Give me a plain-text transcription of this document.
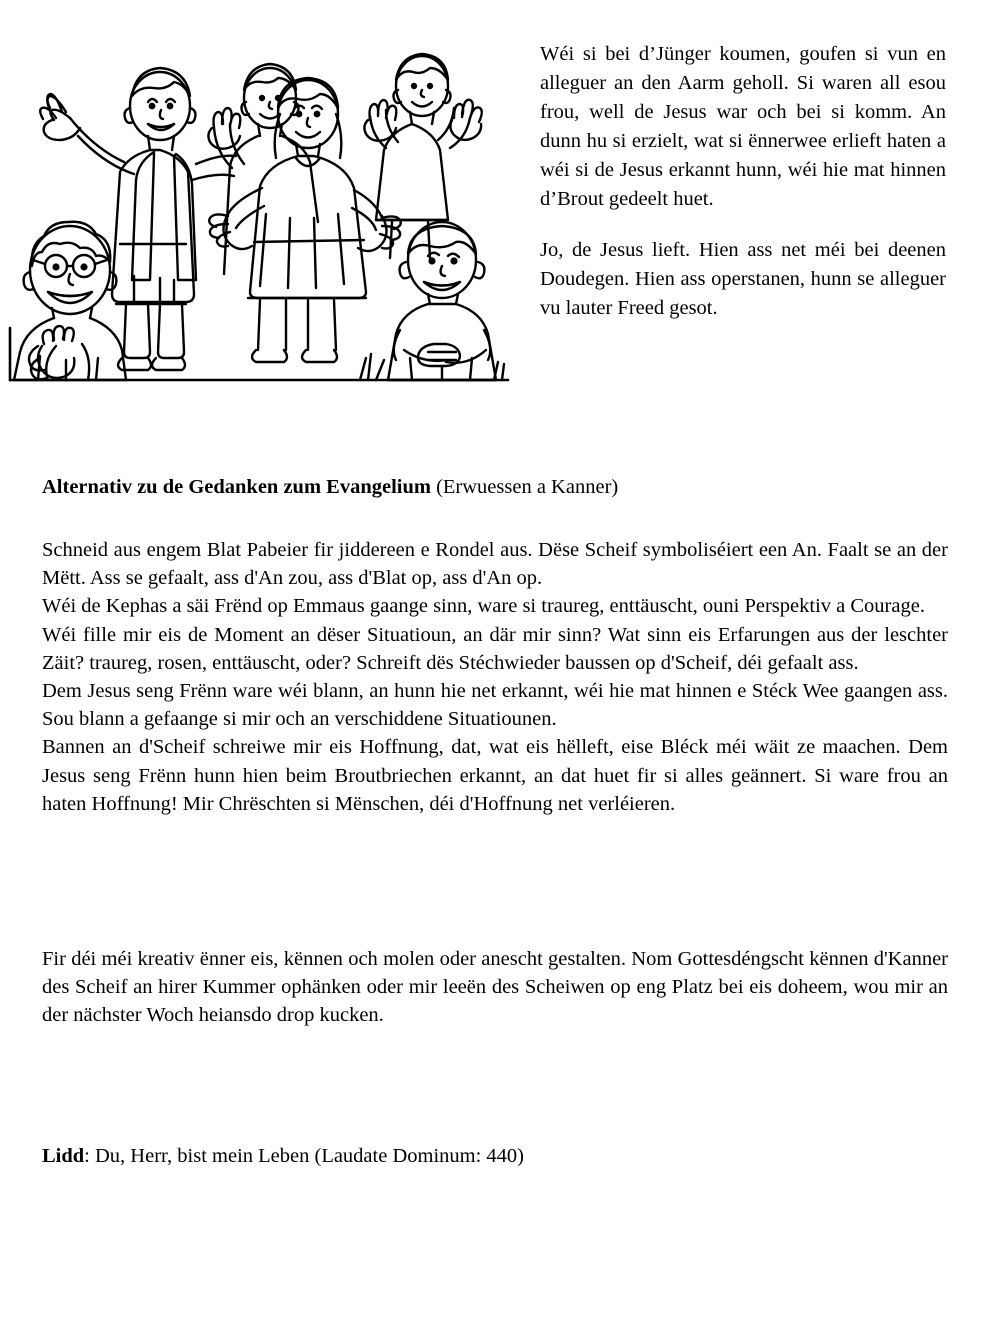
Wéi si bei d’Jünger koumen, goufen si vun en alleguer an den Aarm geholl. Si waren all esou frou, well de Jesus war och bei si komm. An dunn hu si erzielt, wat si ënnerwee erlieft haten a wéi si de Jesus erkannt hunn, wéi hie mat hinnen d’Brout gedeelt huet.

Jo, de Jesus lieft. Hien ass net méi bei deenen Doudegen. Hien ass operstanen, hunn se alleguer vu lauter Freed gesot.

Alternativ zu de Gedanken zum Evangelium (Erwuessen a Kanner)

Schneid aus engem Blat Pabeier fir jiddereen e Rondel aus. Dëse Scheif symboliséiert een An. Faalt se an der Mëtt. Ass se gefaalt, ass d'An zou, ass d'Blat op, ass d'An op.

Wéi de Kephas a säi Frënd op Emmaus gaange sinn, ware si traureg, enttäuscht, ouni Perspektiv a Courage.

Wéi fille mir eis de Moment an dëser Situatioun, an där mir sinn? Wat sinn eis Erfarungen aus der leschter Zäit? traureg, rosen, enttäuscht, oder? Schreift dës Stéchwieder baussen op d'Scheif, déi gefaalt ass.

Dem Jesus seng Frënn ware wéi blann, an hunn hie net erkannt, wéi hie mat hinnen e Stéck Wee gaangen ass. Sou blann a gefaange si mir och an verschiddene Situatiounen.

Bannen an d'Scheif schreiwe mir eis Hoffnung, dat, wat eis hëlleft, eise Bléck méi wäit ze maachen. Dem Jesus seng Frënn hunn hien beim Broutbriechen erkannt, an dat huet fir si alles geännert. Si ware frou an haten Hoffnung! Mir Chrëschten si Mënschen, déi d'Hoffnung net verléieren.

Fir déi méi kreativ ënner eis, kënnen och molen oder anescht gestalten. Nom Gottesdéngscht kënnen d'Kanner des Scheif an hirer Kummer ophänken oder mir leeën des Scheiwen op eng Platz bei eis doheem, wou mir an der nächster Woch heiansdo drop kucken.

Lidd: Du, Herr, bist mein Leben (Laudate Dominum: 440)
